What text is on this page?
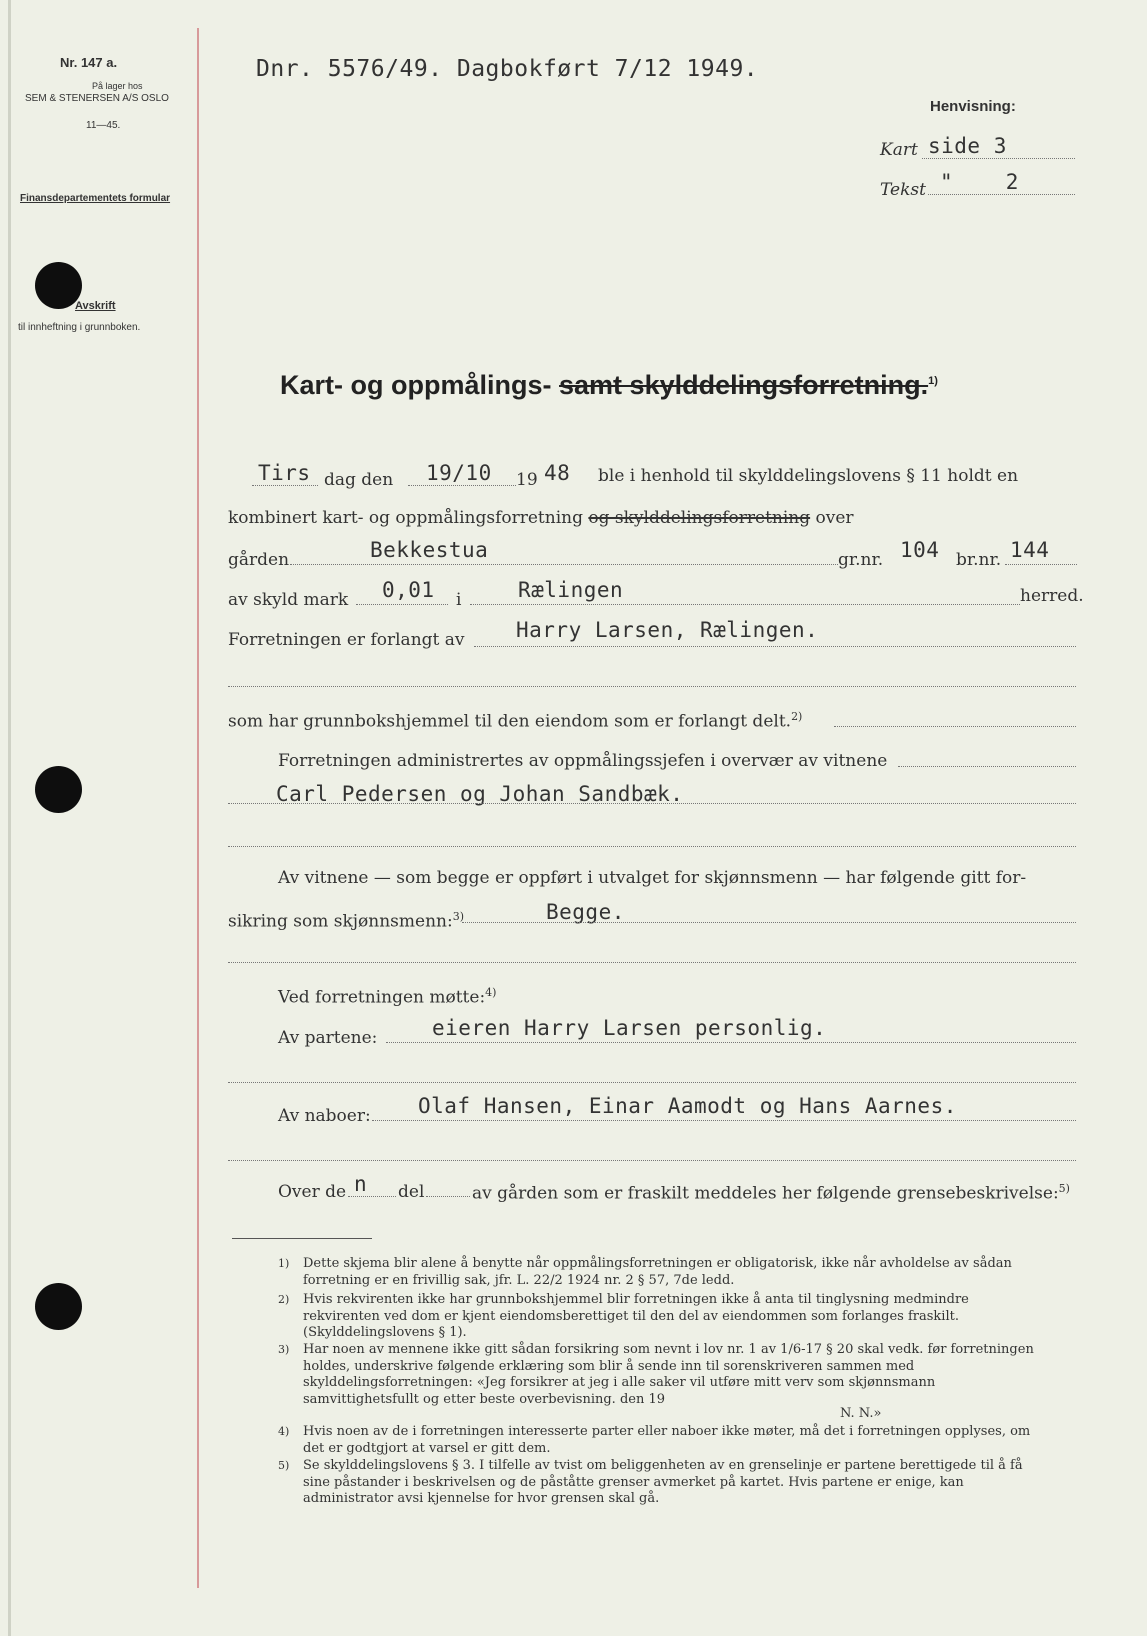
Nr. 147 a.
På lager hos
SEM & STENERSEN A/S OSLO
11—45.
Finansdepartementets formular
Avskrift
til innheftning i grunnboken.
Dnr. 5576/49. Dagbokført 7/12 1949.
Henvisning:
Kart side 3
Tekst "    2
Kart- og oppmålings- samt skylddelingsforretning.$^{1)}$
Tirs dag den 19/10 19 48 ble i henhold til skylddelingslovens § 11 holdt en
kombinert kart- og oppmålingsforretning og skylddelingsforretning over
gården	Bekkestua	gr.nr. 104 br.nr. 144
av skyld mark 0,01 i	Rælingen	herred.
Forretningen er forlangt av Harry Larsen, Rælingen.
som har grunnbokshjemmel til den eiendom som er forlangt delt.$^{2)}$
Forretningen administrertes av oppmålingssjefen i overvær av vitnene
Carl Pedersen og Johan Sandbæk.
Av vitnene — som begge er oppført i utvalget for skjønnsmenn — har følgende gitt for-
sikring som skjønnsmenn:$^{3)}$	Begge.
Ved forretningen møtte:$^{4)}$
Av partene:	eieren Harry Larsen personlig.
Av naboer: Olaf Hansen, Einar Aamodt og Hans Aarnes.
Over de n del	av gården som er fraskilt meddeles her følgende grensebeskrivelse:$^{5)}$
1) Dette skjema blir alene å benytte når oppmålingsforretningen er obligatorisk, ikke når avholdelse av sådan forretning er en frivillig sak, jfr. L. 22/2 1924 nr. 2 § 57, 7de ledd.
2) Hvis rekvirenten ikke har grunnbokshjemmel blir forretningen ikke å anta til tinglysning medmindre rekvirenten ved dom er kjent eiendomsberettiget til den del av eiendommen som forlanges fraskilt. (Skylddelingslovens § 1).
3) Har noen av mennene ikke gitt sådan forsikring som nevnt i lov nr. 1 av 1/6-17 § 20 skal vedk. før forretningen holdes, underskrive følgende erklæring som blir å sende inn til sorenskriveren sammen med skylddelingsforretningen: «Jeg forsikrer at jeg i alle saker vil utføre mitt verv som skjønnsmann samvittighetsfullt og etter beste overbevisning. den 19
N. N.»
4) Hvis noen av de i forretningen interesserte parter eller naboer ikke møter, må det i forretningen opplyses, om det er godtgjort at varsel er gitt dem.
5) Se skylddelingslovens § 3. I tilfelle av tvist om beliggenheten av en grenselinje er partene berettigede til å få sine påstander i beskrivelsen og de påståtte grenser avmerket på kartet. Hvis partene er enige, kan administrator avsi kjennelse for hvor grensen skal gå.
